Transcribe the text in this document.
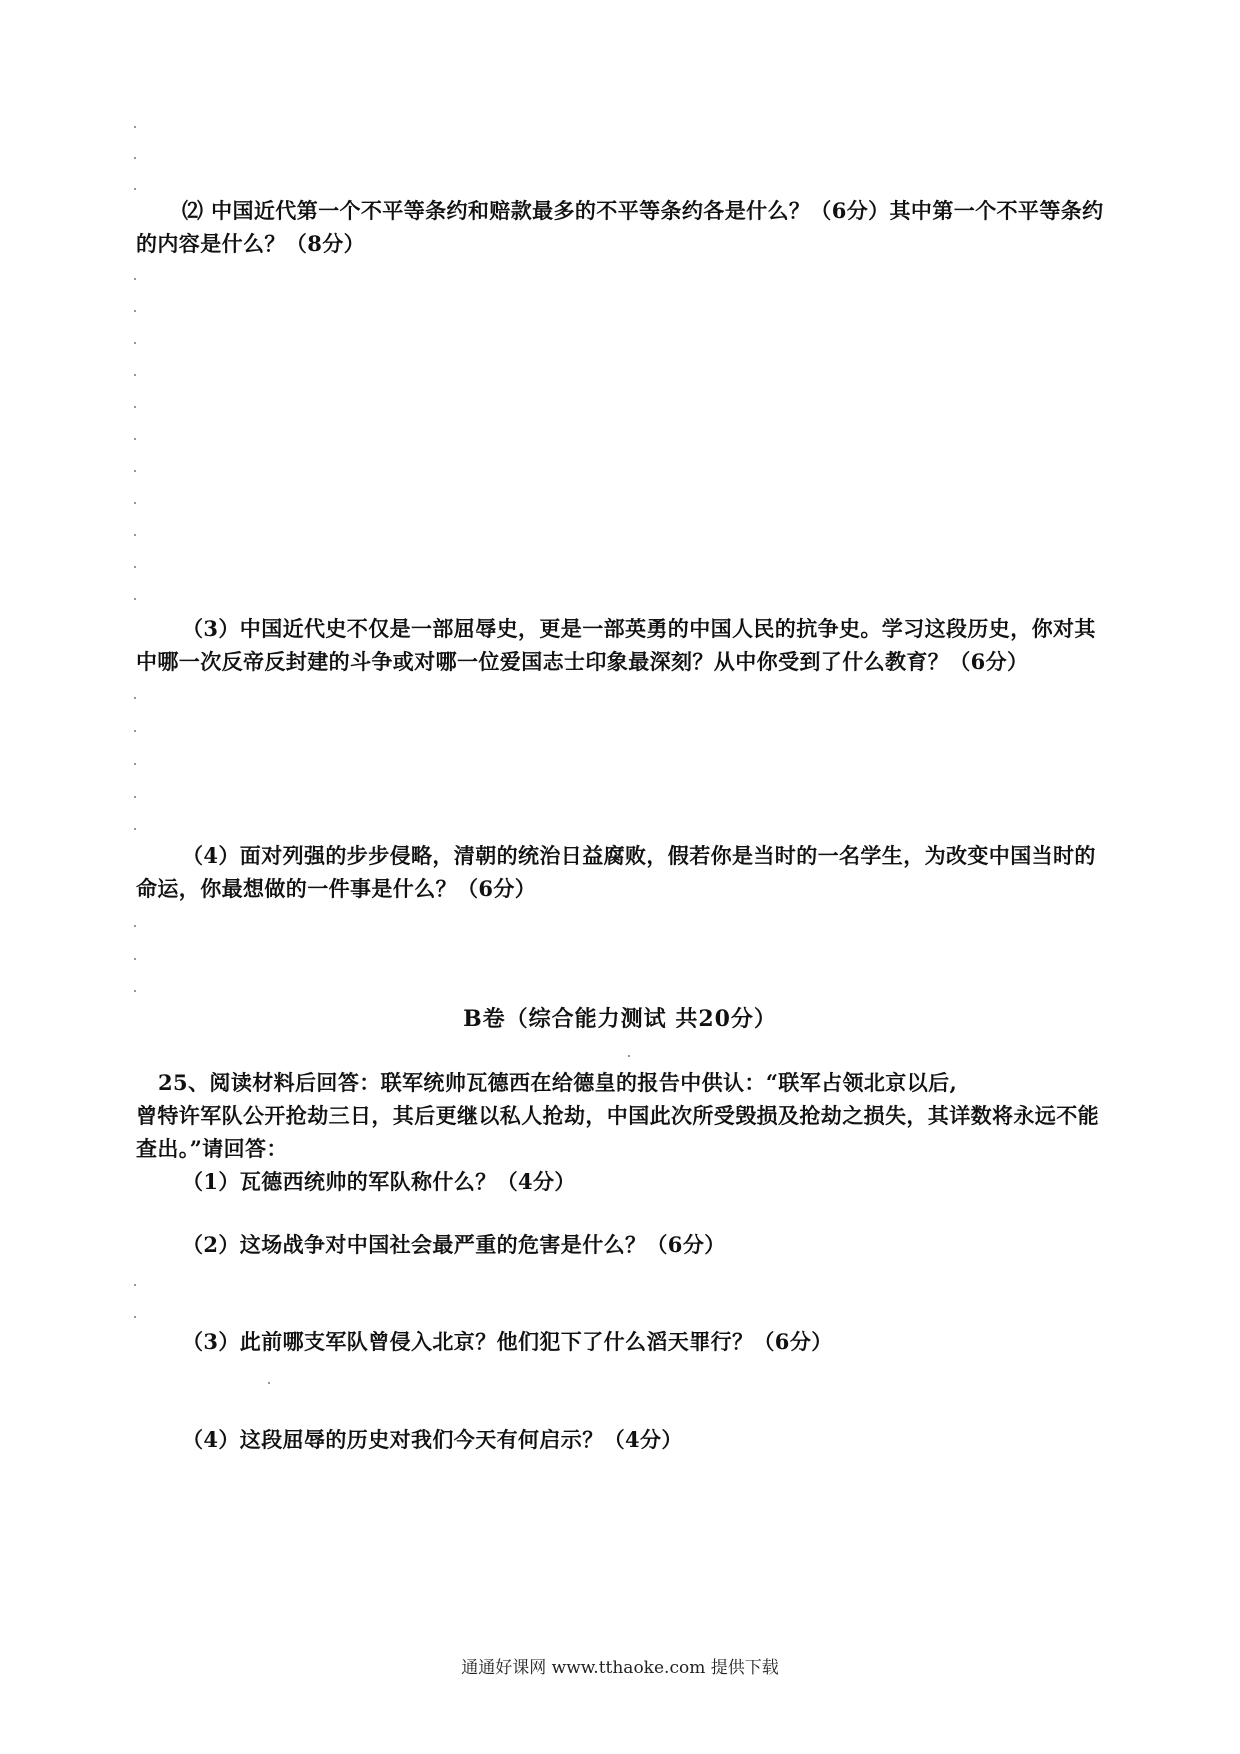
⑵ 中国近代第一个不平等条约和赔款最多的不平等条约各是什么？（6分）其中第一个不平等条约
的内容是什么？（8分）
（3）中国近代史不仅是一部屈辱史，更是一部英勇的中国人民的抗争史。学习这段历史，你对其
中哪一次反帝反封建的斗争或对哪一位爱国志士印象最深刻？从中你受到了什么教育？（6分）
（4）面对列强的步步侵略，清朝的统治日益腐败，假若你是当时的一名学生，为改变中国当时的
命运，你最想做的一件事是什么？（6分）
B卷（综合能力测试 共20分）
25、阅读材料后回答：联军统帅瓦德西在给德皇的报告中供认：“联军占领北京以后,
曾特许军队公开抢劫三日，其后更继以私人抢劫，中国此次所受毁损及抢劫之损失，其详数将永远不能
查出。”请回答：
（1）瓦德西统帅的军队称什么？（4分）
（2）这场战争对中国社会最严重的危害是什么？（6分）
（3）此前哪支军队曾侵入北京？他们犯下了什么滔天罪行？（6分）
（4）这段屈辱的历史对我们今天有何启示？（4分）
通通好课网 www.tthaoke.com 提供下载
